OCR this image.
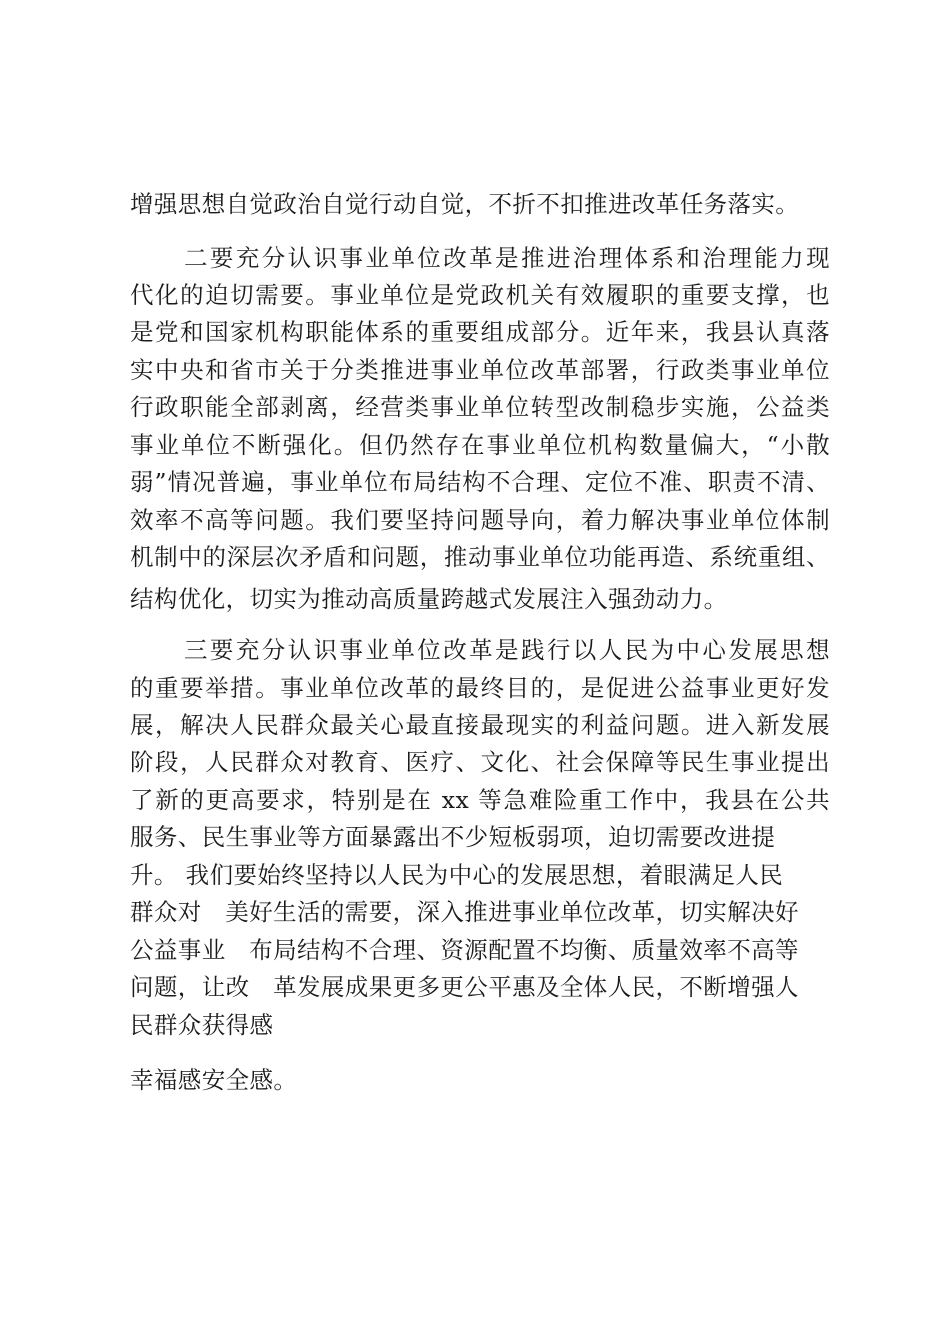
增强思想自觉政治自觉行动自觉，不折不扣推进改革任务落实。
二要充分认识事业单位改革是推进治理体系和治理能力现
代化的迫切需要。事业单位是党政机关有效履职的重要支撑，也
是党和国家机构职能体系的重要组成部分。近年来，我县认真落
实中央和省市关于分类推进事业单位改革部署，行政类事业单位
行政职能全部剥离，经营类事业单位转型改制稳步实施，公益类
事业单位不断强化。但仍然存在事业单位机构数量偏大，“小散
弱”情况普遍，事业单位布局结构不合理、定位不准、职责不清、
效率不高等问题。我们要坚持问题导向，着力解决事业单位体制
机制中的深层次矛盾和问题，推动事业单位功能再造、系统重组、
结构优化，切实为推动高质量跨越式发展注入强劲动力。
三要充分认识事业单位改革是践行以人民为中心发展思想
的重要举措。事业单位改革的最终目的，是促进公益事业更好发
展，解决人民群众最关心最直接最现实的利益问题。进入新发展
阶段，人民群众对教育、医疗、文化、社会保障等民生事业提出
了新的更高要求，特别是在 xx 等急难险重工作中，我县在公共
服务、民生事业等方面暴露出不少短板弱项，迫切需要改进提
升。 我们要始终坚持以人民为中心的发展思想，着眼满足人民
群众对   美好生活的需要，深入推进事业单位改革，切实解决好
公益事业   布局结构不合理、资源配置不均衡、质量效率不高等
问题，让改   革发展成果更多更公平惠及全体人民，不断增强人
民群众获得感
幸福感安全感。
